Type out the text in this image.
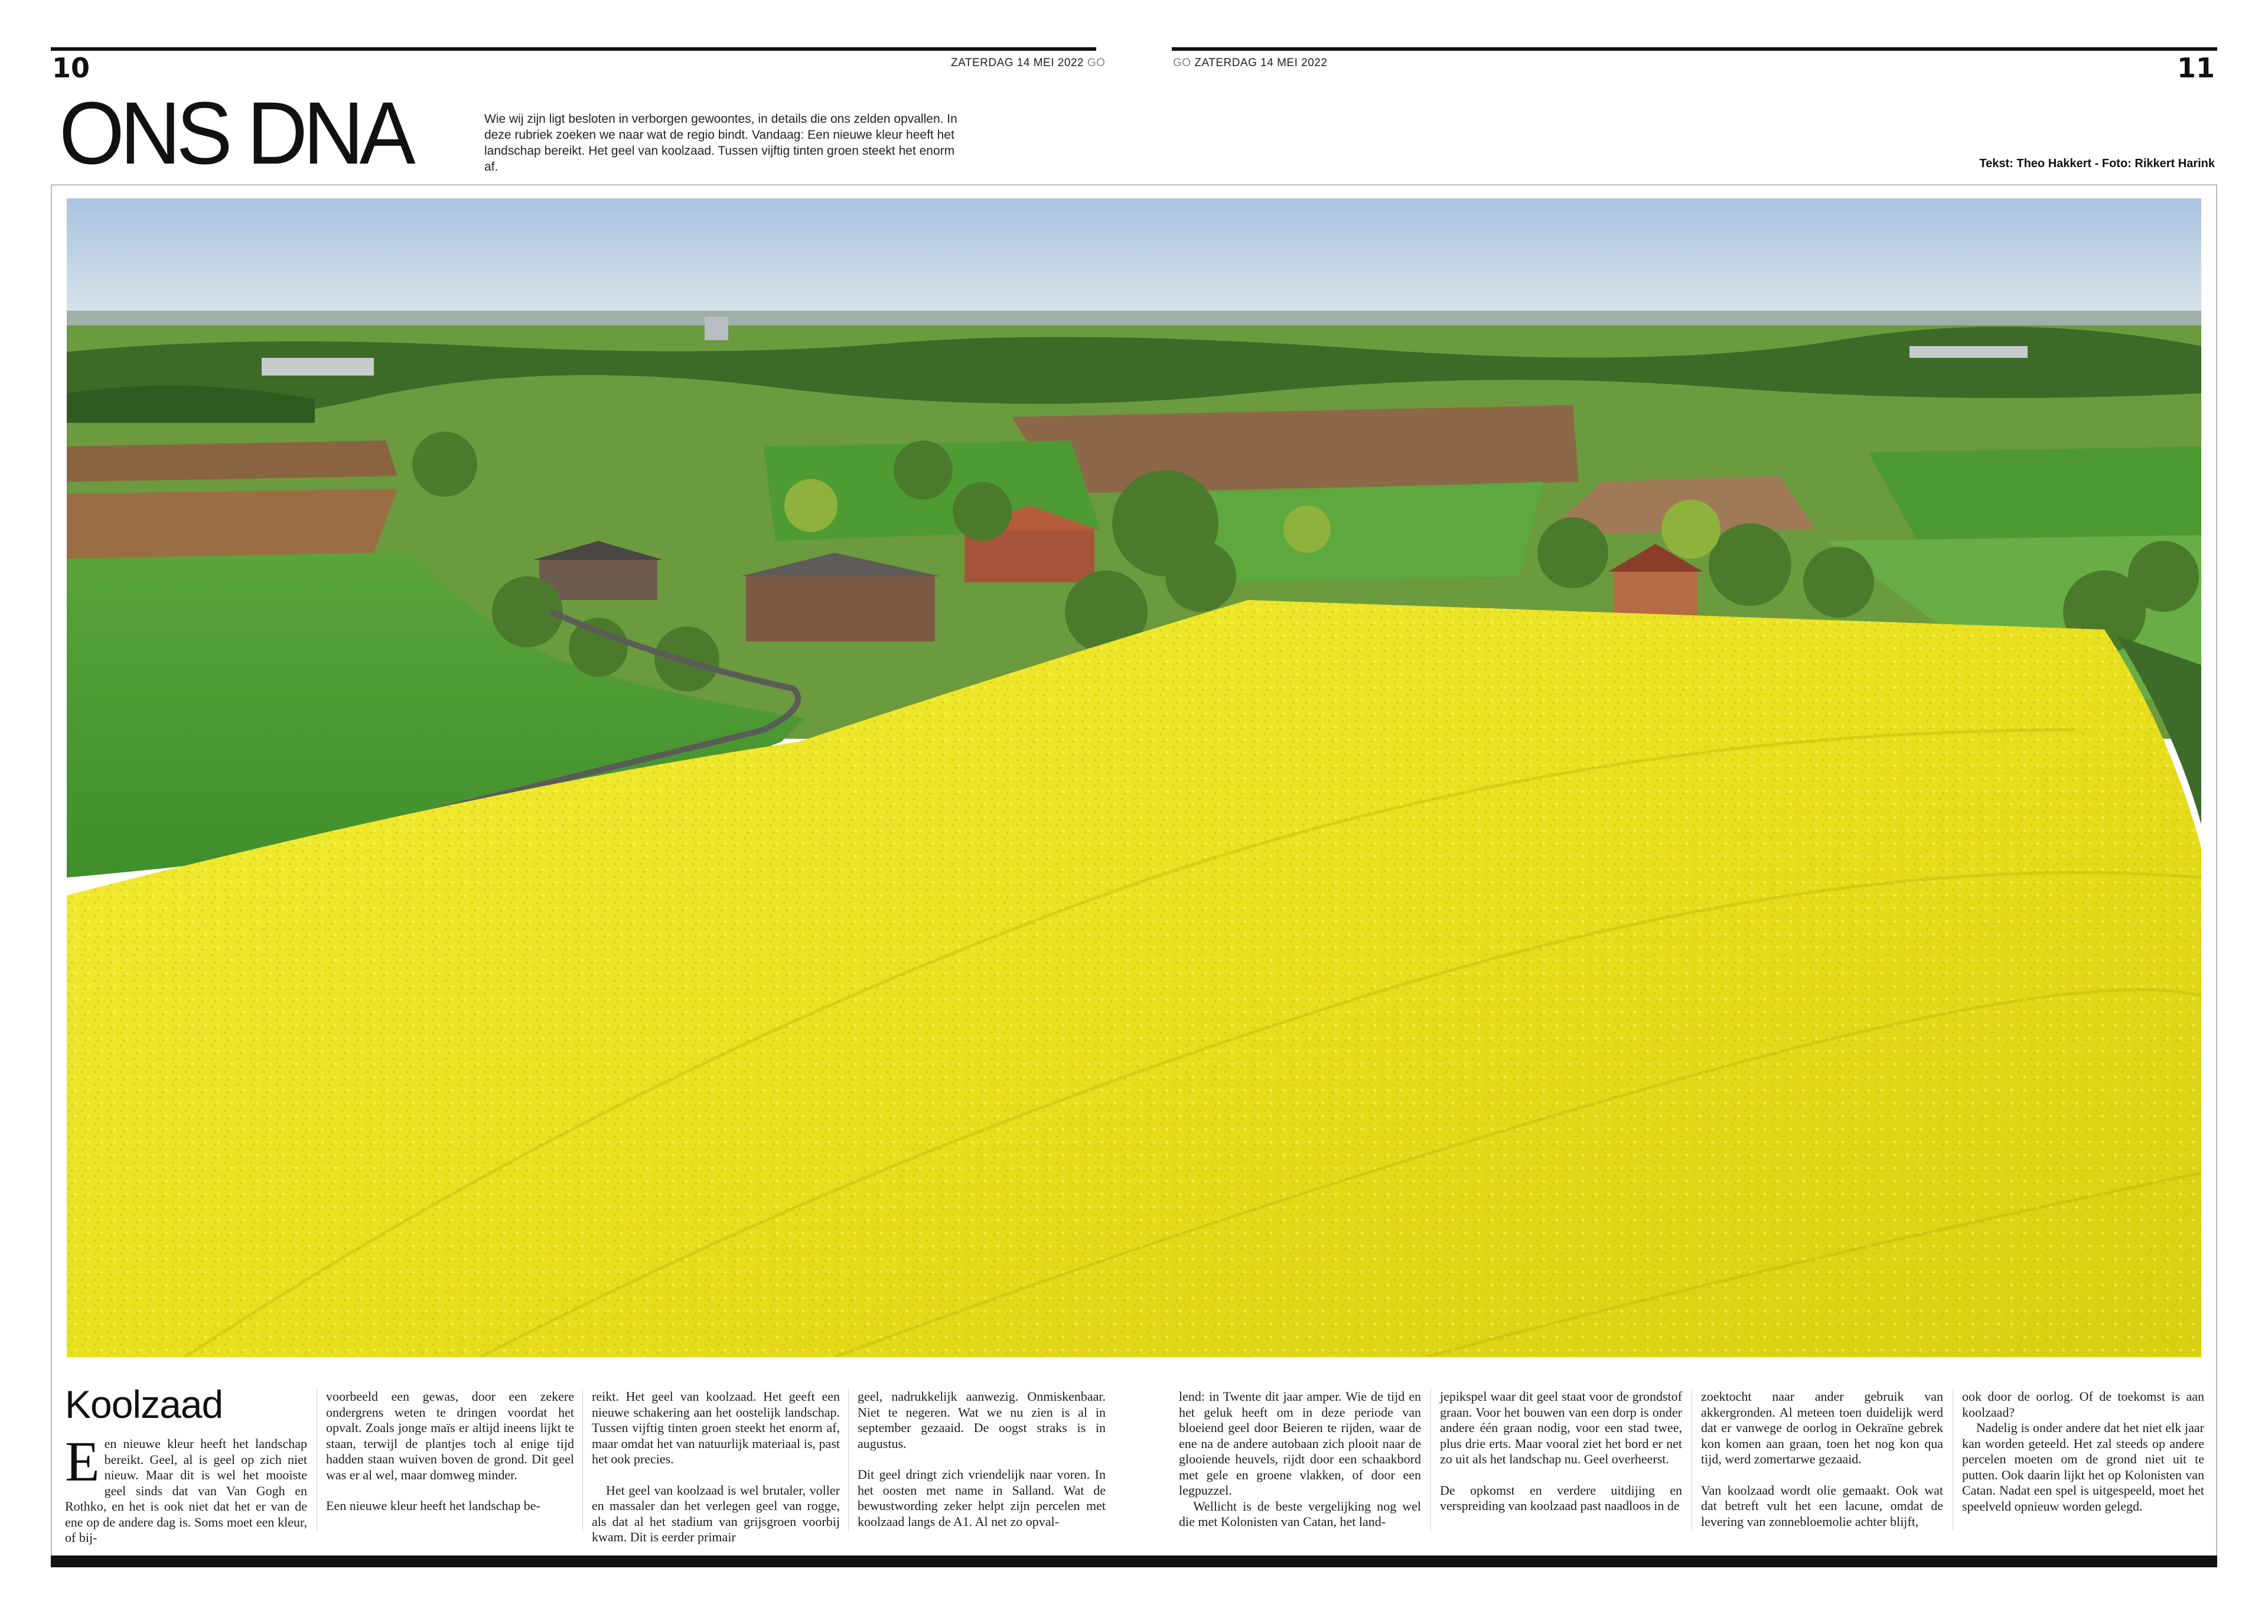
10	ZATERDAG 14 MEI 2022 GO	GO ZATERDAG 14 MEI 2022	11
ONS DNA	Wie wij zijn ligt besloten in verborgen gewoontes, in details die ons zelden opvallen. In deze rubriek zoeken we naar wat de regio bindt. Vandaag: Een nieuwe kleur heeft het landschap bereikt. Het geel van koolzaad. Tussen vijftig tinten groen steekt het enorm af.	Tekst: Theo Hakkert - Foto: Rikkert Harink
Koolzaad

Een nieuwe kleur heeft het landschap bereikt. Geel, al is geel op zich niet nieuw. Maar dit is wel het mooiste geel sinds dat van Van Gogh en Rothko, en het is ook niet dat het er van de ene op de andere dag is. Soms moet een kleur, of bij-

voorbeeld een gewas, door een zekere ondergrens weten te dringen voordat het opvalt. Zoals jonge maïs er altijd ineens lijkt te staan, terwijl de plantjes toch al enige tijd hadden staan wuiven boven de grond. Dit geel was er al wel, maar domweg minder.

Een nieuwe kleur heeft het landschap be-

reikt. Het geel van koolzaad. Het geeft een nieuwe schakering aan het oostelijk landschap. Tussen vijftig tinten groen steekt het enorm af, maar omdat het van natuurlijk materiaal is, past het ook precies.

Het geel van koolzaad is wel brutaler, voller en massaler dan het verlegen geel van rogge, als dat al het stadium van grijsgroen voorbij kwam. Dit is eerder primair

geel, nadrukkelijk aanwezig. Onmiskenbaar. Niet te negeren. Wat we nu zien is al in september gezaaid. De oogst straks is in augustus.

Dit geel dringt zich vriendelijk naar voren. In het oosten met name in Salland. Wat de bewustwording zeker helpt zijn percelen met koolzaad langs de A1. Al net zo opval-

lend: in Twente dit jaar amper. Wie de tijd en het geluk heeft om in deze periode van bloeiend geel door Beieren te rijden, waar de ene na de andere autobaan zich plooit naar de glooiende heuvels, rijdt door een schaakbord met gele en groene vlakken, of door een legpuzzel.

Wellicht is de beste vergelijking nog wel die met Kolonisten van Catan, het land-

jepikspel waar dit geel staat voor de grondstof graan. Voor het bouwen van een dorp is onder andere één graan nodig, voor een stad twee, plus drie erts. Maar vooral ziet het bord er net zo uit als het landschap nu. Geel overheerst.

De opkomst en verdere uitdijing en verspreiding van koolzaad past naadloos in de

zoektocht naar ander gebruik van akkergronden. Al meteen toen duidelijk werd dat er vanwege de oorlog in Oekraïne gebrek kon komen aan graan, toen het nog kon qua tijd, werd zomertarwe gezaaid.

Van koolzaad wordt olie gemaakt. Ook wat dat betreft vult het een lacune, omdat de levering van zonnebloemolie achter blijft,

ook door de oorlog. Of de toekomst is aan koolzaad?

Nadelig is onder andere dat het niet elk jaar kan worden geteeld. Het zal steeds op andere percelen moeten om de grond niet uit te putten. Ook daarin lijkt het op Kolonisten van Catan. Nadat een spel is uitgespeeld, moet het speelveld opnieuw worden gelegd.
